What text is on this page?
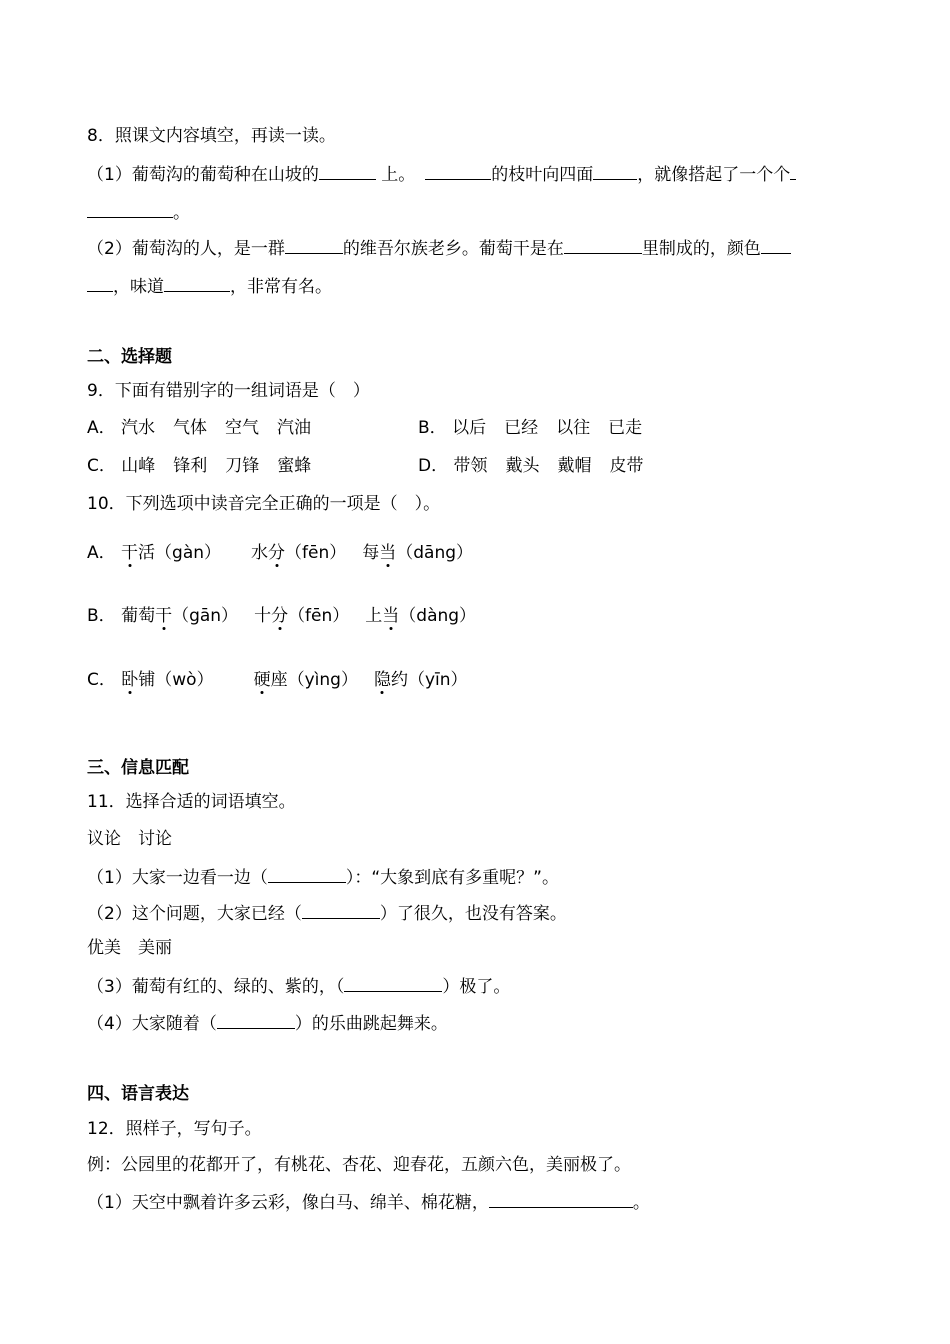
8．照课文内容填空，再读一读。
（1）葡萄沟的葡萄种在山坡的	上。	的枝叶向四面	，就像搭起了一个个
。
（2）葡萄沟的人，是一群	的维吾尔族老乡。葡萄干是在	里制成的，颜色
，味道	，非常有名。
二、选择题
9．下面有错别字的一组词语是（　）
A． 汽水 气体 空气 汽油	B． 以后 已经 以往 已走
C． 山峰 锋利 刀锋 蜜蜂	D． 带领 戴头 戴帽 皮带
10．下列选项中读音完全正确的一项是（　）。
A． 干活（gàn） 水分（fēn） 每当（dāng）
B． 葡萄干（gān） 十分（fēn） 上当（dàng）
C． 卧铺（wò） 硬座（yìng） 隐约（yīn）
三、信息匹配
11．选择合适的词语填空。
议论　讨论
（1）大家一边看一边（	）：“大象到底有多重呢？”。
（2）这个问题，大家已经（	）了很久，也没有答案。
优美　美丽
（3）葡萄有红的、绿的、紫的，（	）极了。
（4）大家随着（	）的乐曲跳起舞来。
四、语言表达
12．照样子，写句子。
例：公园里的花都开了，有桃花、杏花、迎春花，五颜六色，美丽极了。
（1）天空中飘着许多云彩，像白马、绵羊、棉花糖，	。
